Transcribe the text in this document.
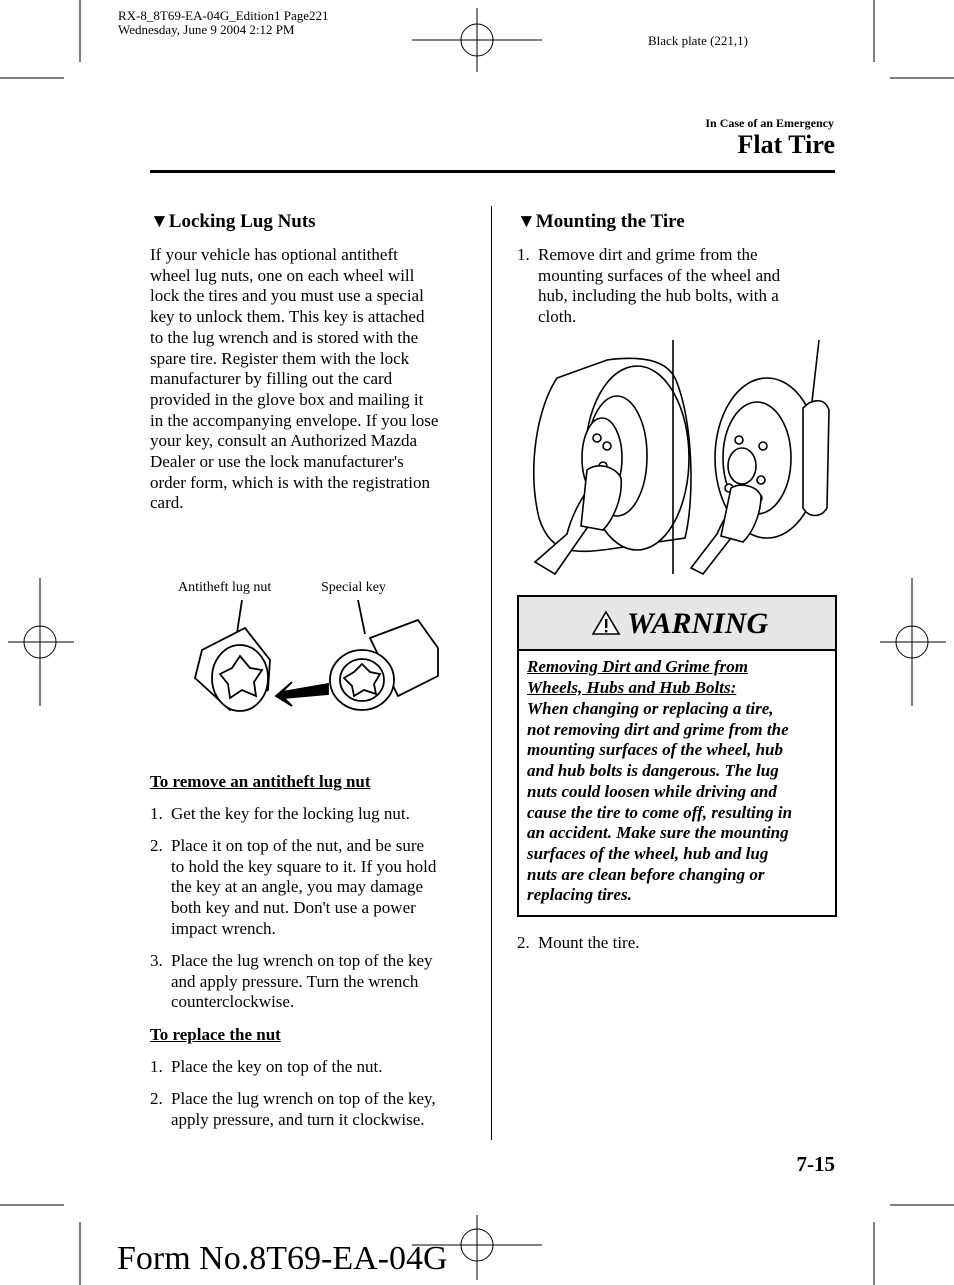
RX-8_8T69-EA-04G_Edition1 Page221
Wednesday, June 9 2004 2:12 PM
Black plate (221,1)
In Case of an Emergency
Flat Tire
▼Locking Lug Nuts
If your vehicle has optional antitheft
wheel lug nuts, one on each wheel will
lock the tires and you must use a special
key to unlock them. This key is attached
to the lug wrench and is stored with the
spare tire. Register them with the lock
manufacturer by filling out the card
provided in the glove box and mailing it
in the accompanying envelope. If you lose
your key, consult an Authorized Mazda
Dealer or use the lock manufacturer's
order form, which is with the registration
card.
Antitheft lug nut	Special key
To remove an antitheft lug nut
1. Get the key for the locking lug nut.
2. Place it on top of the nut, and be sure
to hold the key square to it. If you hold
the key at an angle, you may damage
both key and nut. Don't use a power
impact wrench.
3. Place the lug wrench on top of the key
and apply pressure. Turn the wrench
counterclockwise.
To replace the nut
1. Place the key on top of the nut.
2. Place the lug wrench on top of the key,
apply pressure, and turn it clockwise.
▼Mounting the Tire
1. Remove dirt and grime from the
mounting surfaces of the wheel and
hub, including the hub bolts, with a
cloth.
WARNING
Removing Dirt and Grime from
Wheels, Hubs and Hub Bolts:
When changing or replacing a tire,
not removing dirt and grime from the
mounting surfaces of the wheel, hub
and hub bolts is dangerous. The lug
nuts could loosen while driving and
cause the tire to come off, resulting in
an accident. Make sure the mounting
surfaces of the wheel, hub and lug
nuts are clean before changing or
replacing tires.
2. Mount the tire.
7-15
Form No.8T69-EA-04G
